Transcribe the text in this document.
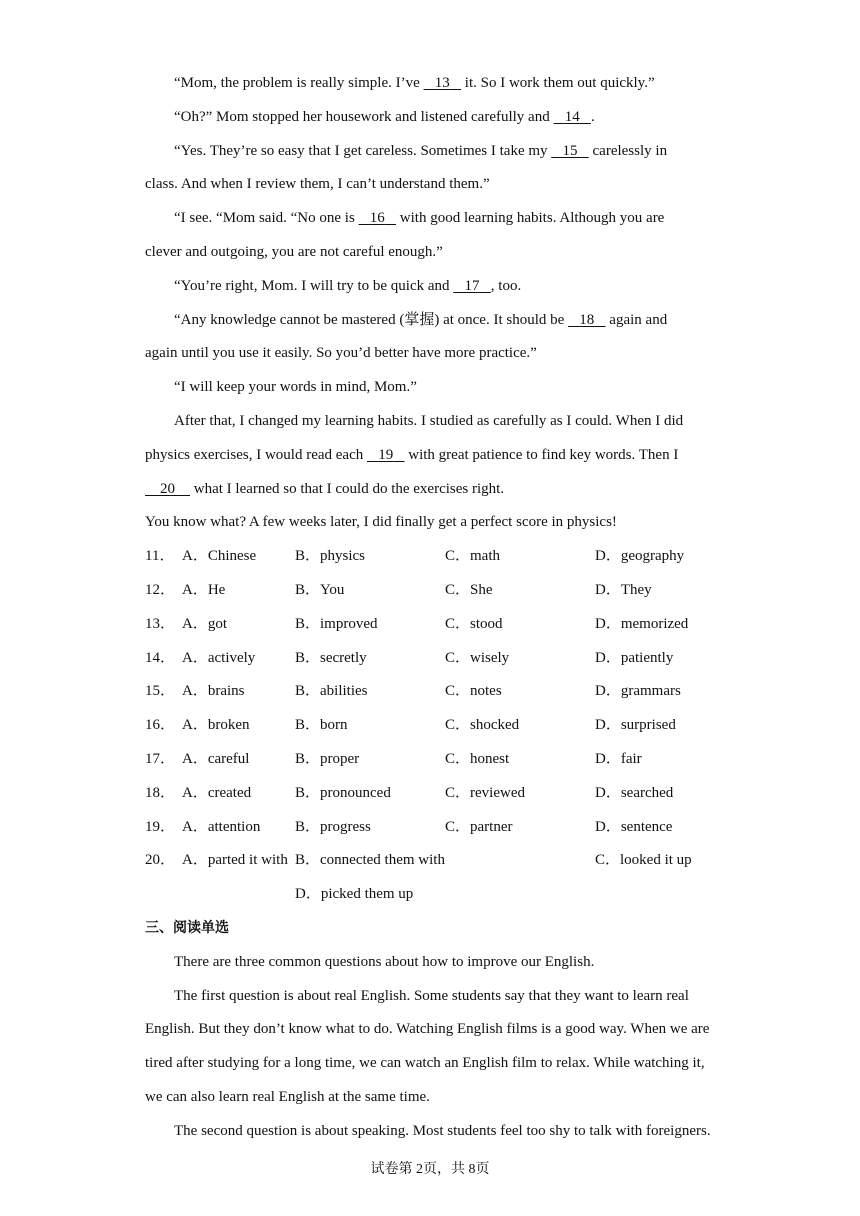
“Mom, the problem is really simple. I’ve    13    it. So I work them out quickly.”
“Oh?” Mom stopped her housework and listened carefully and    14 .
“Yes. They’re so easy that I get careless. Sometimes I take my    15    carelessly in
class. And when I review them, I can’t understand them.”
“I see. “Mom said. “No one is    16    with good learning habits. Although you are
clever and outgoing, you are not careful enough.”
“You’re right, Mom. I will try to be quick and    17 , too.
“Any knowledge cannot be mastered (掌握) at once. It should be    18    again and
again until you use it easily. So you’d better have more practice.”
“I will keep your words in mind, Mom.”
After that, I changed my learning habits. I studied as carefully as I could. When I did
physics exercises, I would read each    19    with great patience to find key words. Then I
20     what I learned so that I could do the exercises right.
You know what? A few weeks later, I did finally get a perfect score in physics!
11． A．Chinese	B．physics	C．math	D．geography
12． A．He	B．You	C．She	D．They
13． A．got	B．improved	C．stood	D．memorized
14． A．actively	B．secretly	C．wisely	D．patiently
15． A．brains	B．abilities	C．notes	D．grammars
16． A．broken	B．born	C．shocked	D．surprised
17． A．careful	B．proper	C．honest	D．fair
18． A．created	B．pronounced	C．reviewed	D．searched
19． A．attention B．progress	C．partner	D．sentence
20． A．parted it with B．connected them with	C．looked it up
D．picked them up
三、阅读单选
There are three common questions about how to improve our English.
The first question is about real English. Some students say that they want to learn real
English. But they don’t know what to do. Watching English films is a good way. When we are
tired after studying for a long time, we can watch an English film to relax. While watching it,
we can also learn real English at the same time.
The second question is about speaking. Most students feel too shy to talk with foreigners.
试卷第 2页，共 8页
